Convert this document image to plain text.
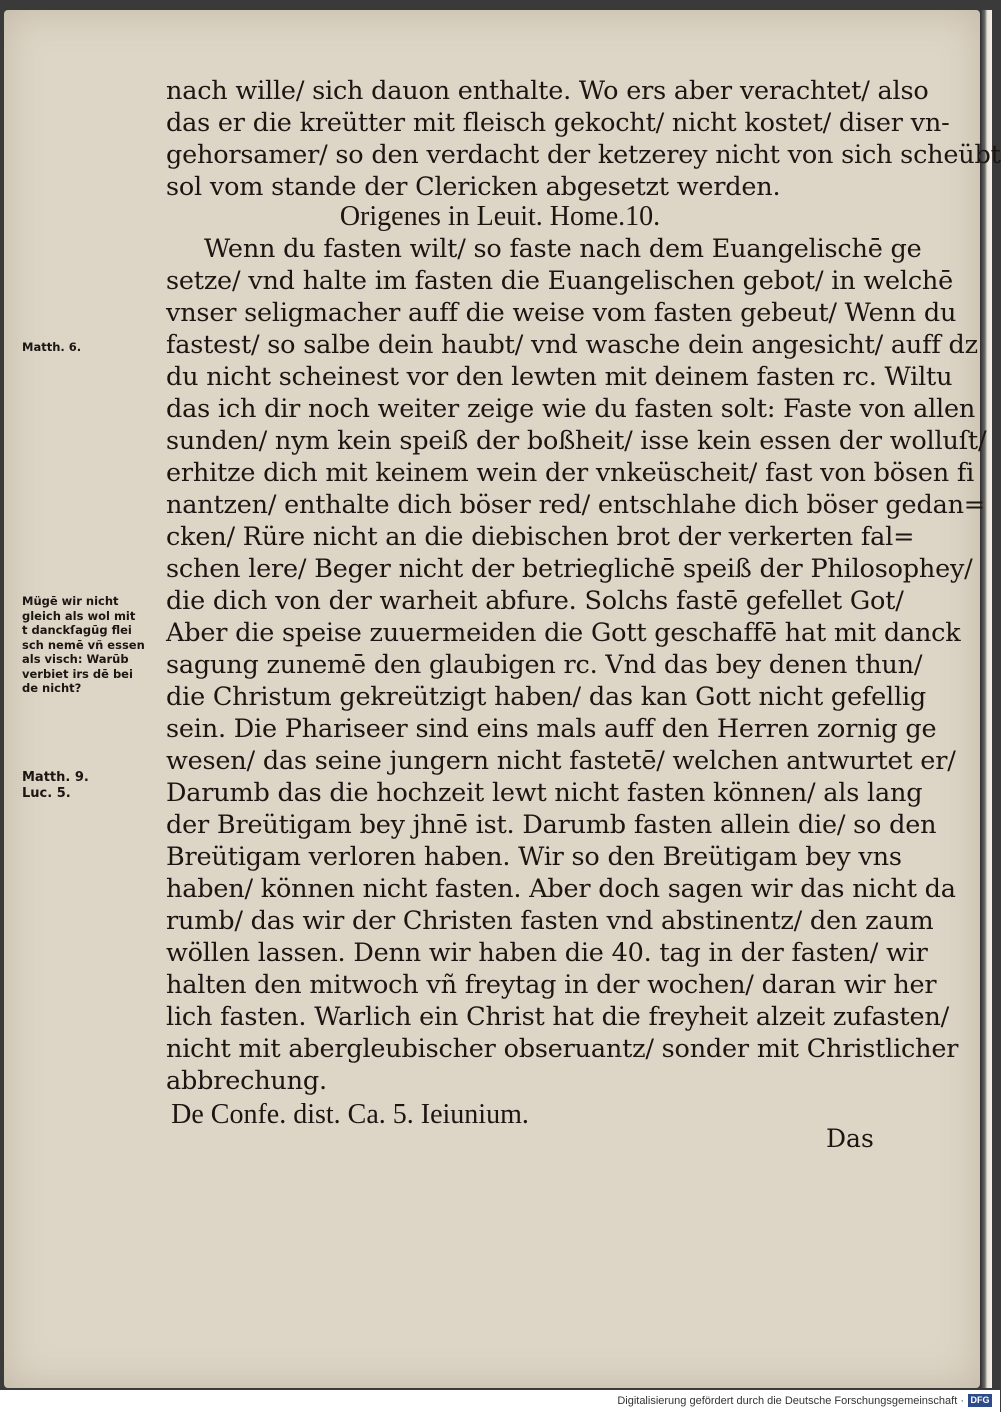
nach wille/ sich dauon enthalte. Wo ers aber verachtet/ also
das er die kreütter mit fleisch gekocht/ nicht kostet/ diser vn-
gehorsamer/ so den verdacht der ketzerey nicht von sich scheübt
sol vom stande der Clericken abgesetzt werden.
Origenes in Leuit. Home.10.
Wenn du fasten wilt/ so faste nach dem Euangelischē ge
setze/ vnd halte im fasten die Euangelischen gebot/ in welchē
vnser seligmacher auff die weise vom fasten gebeut/ Wenn du
fastest/ so salbe dein haubt/ vnd wasche dein angesicht/ auff dz
du nicht scheinest vor den lewten mit deinem fasten rc. Wiltu
das ich dir noch weiter zeige wie du fasten solt: Faste von allen
sunden/ nym kein speiß der boßheit/ isse kein essen der wolluſt/
erhitze dich mit keinem wein der vnkeüscheit/ fast von bösen fi
nantzen/ enthalte dich böser red/ entschlahe dich böser gedan=
cken/ Rüre nicht an die diebischen brot der verkerten fal=
schen lere/ Beger nicht der betrieglichē speiß der Philosophey/
die dich von der warheit abfure. Solchs fastē gefellet Got/
Aber die speise zuuermeiden die Gott geschaffē hat mit danck
sagung zunemē den glaubigen rc. Vnd das bey denen thun/
die Christum gekreützigt haben/ das kan Gott nicht gefellig
sein. Die Phariseer sind eins mals auff den Herren zornig ge
wesen/ das seine jungern nicht fastetē/ welchen antwurtet er/
Darumb das die hochzeit lewt nicht fasten können/ als lang
der Breütigam bey jhnē ist. Darumb fasten allein die/ so den
Breütigam verloren haben. Wir so den Breütigam bey vns
haben/ können nicht fasten. Aber doch sagen wir das nicht da
rumb/ das wir der Christen fasten vnd abstinentz/ den zaum
wöllen lassen. Denn wir haben die 40. tag in der fasten/ wir
halten den mitwoch vñ freytag in der wochen/ daran wir her
lich fasten. Warlich ein Christ hat die freyheit alzeit zufasten/
nicht mit abergleubischer obseruantz/ sonder mit Christlicher
abbrechung.
De Confe. dist. Ca. 5. Ieiunium.
Das
Matth. 6.
Mügē wir nicht
gleich als wol mit
t danckſagūg flei
sch nemē vñ essen
als visch: Warūb
verbiet irs dē bei
de nicht?
Matth. 9.
Luc. 5.
Digitalisierung gefördert durch die Deutsche Forschungsgemeinschaft · DFG
